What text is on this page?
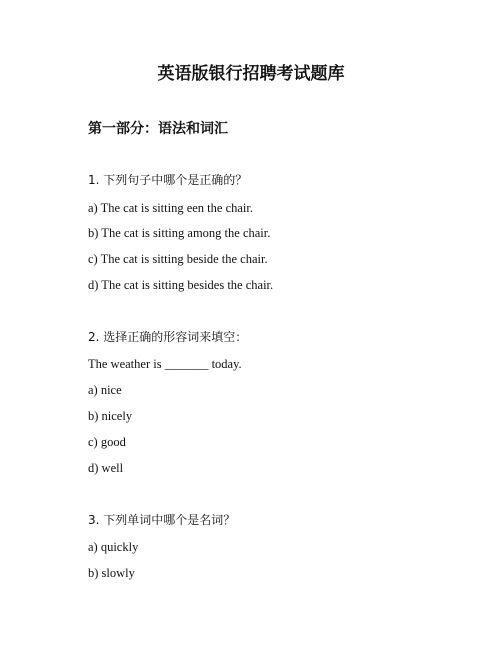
英语版银行招聘考试题库
第一部分：语法和词汇

1. 下列句子中哪个是正确的？

a) The cat is sitting een the chair.

b) The cat is sitting among the chair.

c) The cat is sitting beside the chair.

d) The cat is sitting besides the chair.

2. 选择正确的形容词来填空：

The weather is _______ today.

a) nice

b) nicely

c) good

d) well

3. 下列单词中哪个是名词？

a) quickly

b) slowly
